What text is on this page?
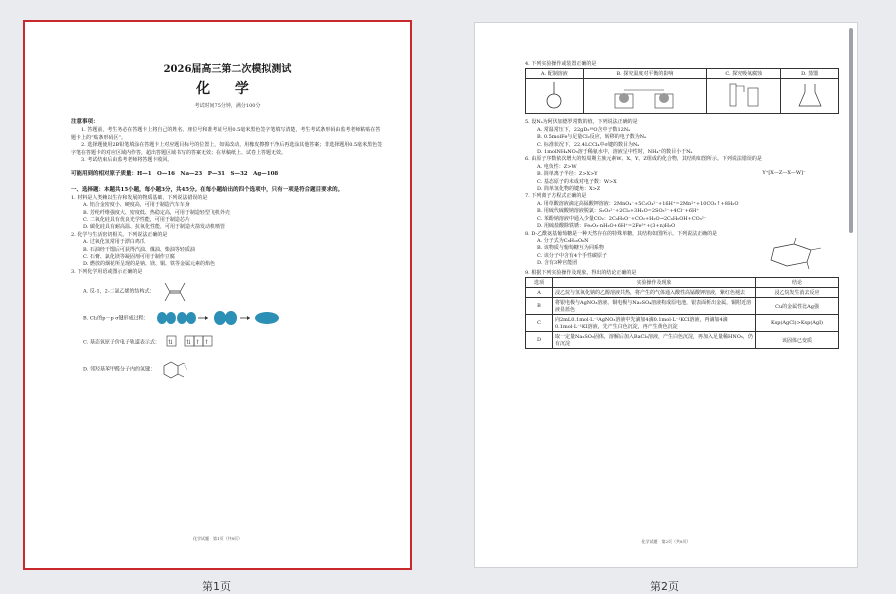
2026届高三第二次模拟测试
化 学
考试时间75分钟，满分100分
注意事项：
1. 答题前，考生务必在答题卡上将自己的姓名、座位号和准考证号用0.5毫米黑色签字笔填写清楚，考生考试条形码由监考老师粘贴在答题卡上的“贴条形码区”。
2. 选择题使用2B铅笔填涂在答题卡上对应题目标号的位置上，如需改动，用橡皮擦擦干净后再选涂其他答案；非选择题用0.5毫米黑色签字笔在答题卡的对应区域内作答，超出答题区域书写的答案无效；在草稿纸上、试卷上答题无效。
3. 考试结束后由监考老师将答题卡收回。
可能用到的相对原子质量：H—1　O—16　Na—23　P—31　S—32　Ag—108
一、选择题：本题共15小题，每小题3分，共45分。在每小题给出的四个选项中，只有一项是符合题目要求的。
1. 材料是人类赖以生存和发展的物质基础，下列说法错误的是
A. 铝合金密度小、硬度高，可用于制造汽车车身
B. 芳纶纤维强度大、密度低、热稳定高，可用于制造轻型飞机外壳
C. 二氧化硅具有优良光学性能，可用于制造芯片
D. 碳化硅具有耐高温、抗氧化性能，可用于制造火箭发动机喷管
2. 化学与生活密切相关。下列说法正确的是
A. 过氧化氢常用于漂白鸡爪
B. 石油经干馏后可获得汽油、煤油、柴油等轻质油
C. 石膏、氯化镁等凝固剂可用于制作豆腐
D. 燃放的烟花所呈现的是钠、镁、铜、铁等金属元素的焰色
3. 下列化学用语或图示正确的是
A. 反-1，2-二氯乙烯的结构式：
B. Cl₂的p－p σ键形成过程：
C. 基态氧原子价电子轨道表示式： ⇅ ⇅ ↑ ↑
D. 邻羟基苯甲醛分子内的氢键：
化学试题　第1页（共8页）
第1页
4. 下列实验操作或装置正确的是
A. 配制溶液	B. 探究温度对平衡的影响	C. 探究吸氧腐蚀	D. 蒸馏

5. 设Nₐ为阿伏加德罗常数的值，下列说法正确的是
A. 常温常压下，22gD₂¹⁸O含中子数12Nₐ
B. 0.5molFe与足量Cl₂反应，转移的电子数为Nₐ
C. 标准状况下，22.4LCCl₄中σ键的数目为Nₐ
D. 1molNH₄NO₃溶于稀氨水中，溶液呈中性时，NH₄⁺的数目小于Nₐ
6. 由原子序数依次增大的短周期主族元素W、X、Y、Z组成的化合物，其结构如图所示。下列说法错误的是
A. 电负性：Z>W
B. 简单离子半径：Z>X>Y
C. 基态原子的未成对电子数：W>X
D. 简单氢化物的键角：X>Z
Y⁺[X—Z—X—W]⁻
7. 下列离子方程式正确的是
A. 用草酸溶液滴定高锰酸钾溶液：2MnO₄⁻+5C₂O₄²⁻+16H⁺=2Mn²⁺+10CO₂↑+8H₂O
B. 用硫代硫酸钠溶液脱氯：S₂O₃²⁻+2Cl₂+3H₂O=2SO₃²⁻+4Cl⁻+6H⁺
C. 苯酚钠溶液中通入少量CO₂：2C₆H₅O⁻+CO₂+H₂O→2C₆H₅OH+CO₃²⁻
D. 用硫盐酸除铁锈：Fe₂O₃·nH₂O+6H⁺=2Fe³⁺+(3+n)H₂O
8. D-乙酰氨基葡萄糖是一种天然存在的特殊单糖，其结构如图所示。下列说法正确的是
A. 分子式为C₈H₁₆O₆N
B. 该物质与葡萄糖互为同系物
C. 该分子中含有4个手性碳原子
D. 含有3种官能团
9. 根据下列实验操作及现象，得出的结论正确的是
选项	实验操作及现象	结论
A	浸乙烷与氢氧化钠的乙醇溶液共热，将产生的气体通入酸性高锰酸钾溶液，紫红色褪去	浸乙烷发生消去反应
B	将银电极与AgNO₃溶液、铜电极与Na₂SO₄溶液构成原电池，银表面析出金属，铜附近溶液显蓝色	Cu的金属性比Ag强
C	向2mL0.1mol·L⁻¹AgNO₃溶液中先滴加4滴0.1mol·L⁻¹KCl溶液，再滴加4滴0.1mol·L⁻¹KI溶液，先产生白色沉淀，再产生黄色沉淀	Ksp(AgCl)>Ksp(AgI)
D	取一定量Na₂SO₃固体，溶解后加入BaCl₂溶液，产生白色沉淀，再加入足量稀HNO₃，仍有沉淀	该固体已变质
化学试题　第2页（共8页）
第2页
